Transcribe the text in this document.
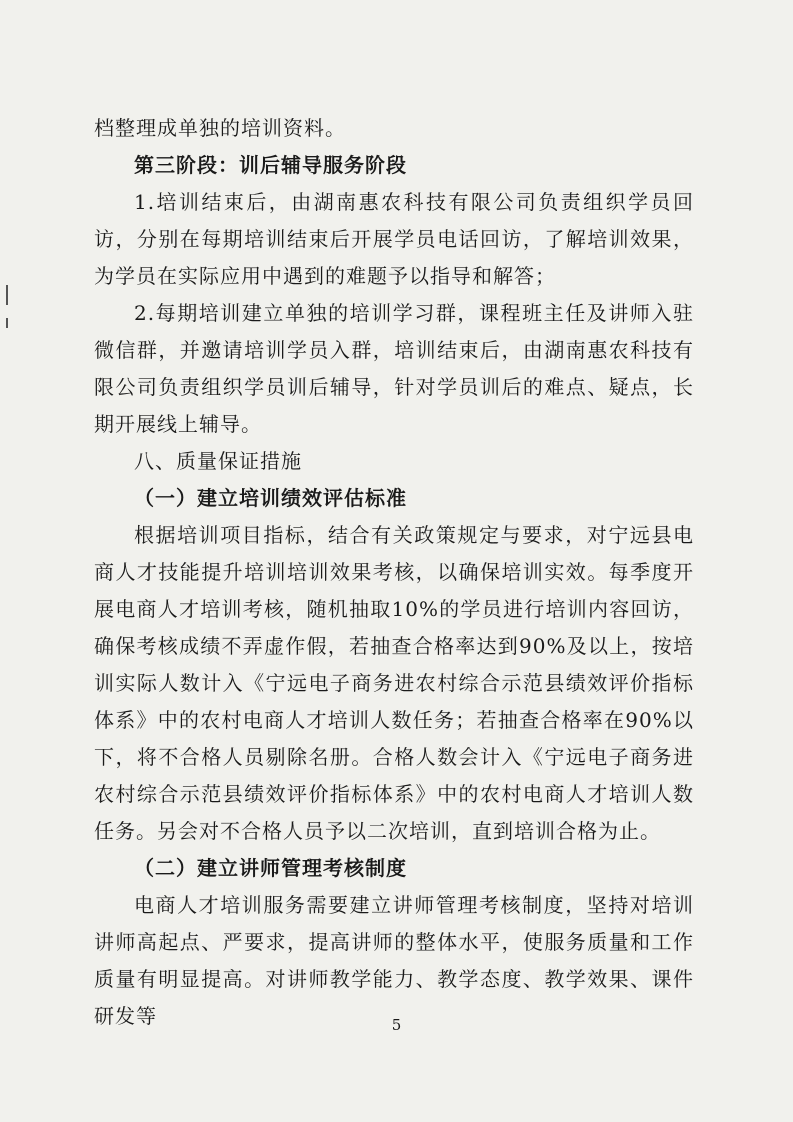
档整理成单独的培训资料。

第三阶段：训后辅导服务阶段

1.培训结束后，由湖南惠农科技有限公司负责组织学员回访，分别在每期培训结束后开展学员电话回访，了解培训效果，为学员在实际应用中遇到的难题予以指导和解答；

2.每期培训建立单独的培训学习群，课程班主任及讲师入驻微信群，并邀请培训学员入群，培训结束后，由湖南惠农科技有限公司负责组织学员训后辅导，针对学员训后的难点、疑点，长期开展线上辅导。

八、质量保证措施

（一）建立培训绩效评估标准

根据培训项目指标，结合有关政策规定与要求，对宁远县电商人才技能提升培训培训效果考核，以确保培训实效。每季度开展电商人才培训考核，随机抽取10%的学员进行培训内容回访，确保考核成绩不弄虚作假，若抽查合格率达到90%及以上，按培训实际人数计入《宁远电子商务进农村综合示范县绩效评价指标体系》中的农村电商人才培训人数任务；若抽查合格率在90%以下，将不合格人员剔除名册。合格人数会计入《宁远电子商务进农村综合示范县绩效评价指标体系》中的农村电商人才培训人数任务。另会对不合格人员予以二次培训，直到培训合格为止。

（二）建立讲师管理考核制度

电商人才培训服务需要建立讲师管理考核制度，坚持对培训讲师高起点、严要求，提高讲师的整体水平，使服务质量和工作质量有明显提高。对讲师教学能力、教学态度、教学效果、课件研发等	5
